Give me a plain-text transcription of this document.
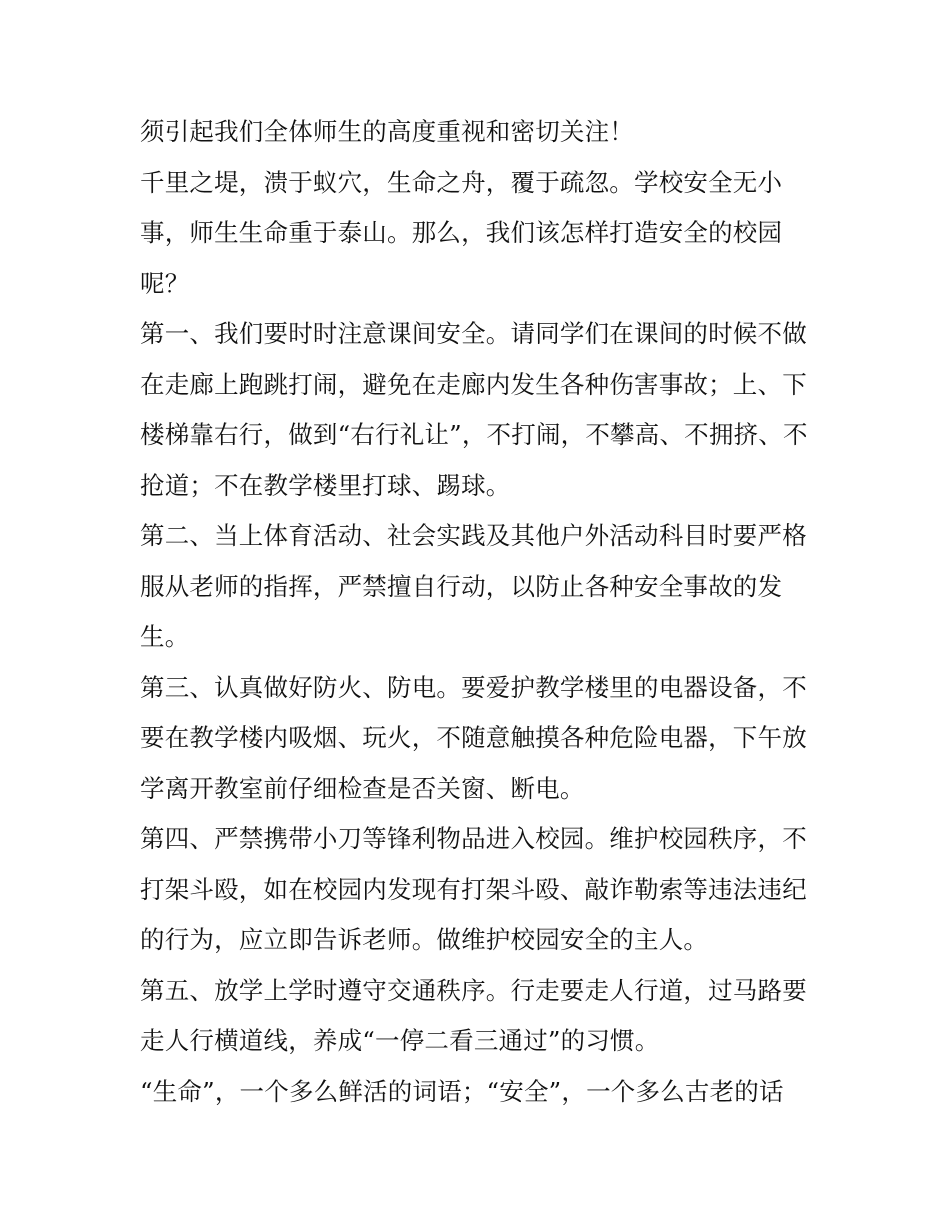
须引起我们全体师生的高度重视和密切关注！
千里之堤，溃于蚁穴，生命之舟，覆于疏忽。学校安全无小
事，师生生命重于泰山。那么，我们该怎样打造安全的校园
呢？
第一、我们要时时注意课间安全。请同学们在课间的时候不做
在走廊上跑跳打闹，避免在走廊内发生各种伤害事故；上、下
楼梯靠右行，做到“右行礼让”，不打闹，不攀高、不拥挤、不
抢道；不在教学楼里打球、踢球。
第二、当上体育活动、社会实践及其他户外活动科目时要严格
服从老师的指挥，严禁擅自行动，以防止各种安全事故的发
生。
第三、认真做好防火、防电。要爱护教学楼里的电器设备，不
要在教学楼内吸烟、玩火，不随意触摸各种危险电器，下午放
学离开教室前仔细检查是否关窗、断电。
第四、严禁携带小刀等锋利物品进入校园。维护校园秩序，不
打架斗殴，如在校园内发现有打架斗殴、敲诈勒索等违法违纪
的行为，应立即告诉老师。做维护校园安全的主人。
第五、放学上学时遵守交通秩序。行走要走人行道，过马路要
走人行横道线，养成“一停二看三通过”的习惯。
“生命”，一个多么鲜活的词语；“安全”，一个多么古老的话
